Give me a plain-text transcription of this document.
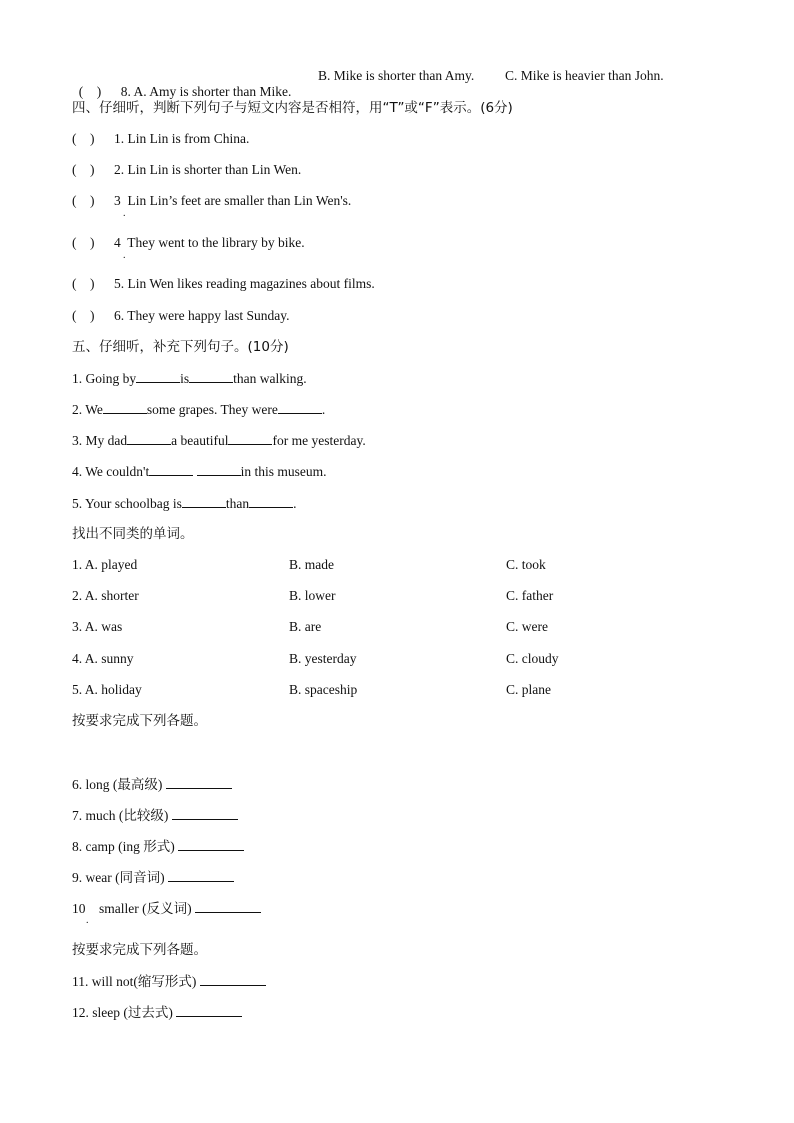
(    ) 8. A. Amy is shorter than Mike.

B. Mike is shorter than Amy. C. Mike is heavier than John.
四、仔细听，判断下列句子与短文内容是否相符，用“T”或“F”表示。(6分)
(    ) 1. Lin Lin is from China.
(    ) 2. Lin Lin is shorter than Lin Wen.
(    ) 3  Lin Lin’s feet are smaller than Lin Wen's.
.
(    ) 4  They went to the library by bike.
.
(    ) 5. Lin Wen likes reading magazines about films.
(    ) 6. They were happy last Sunday.
五、仔细听，补充下列句子。(10分)
1. Going by	is	than walking.
2. We	some grapes. They were	.
3. My dad	a beautiful	for me yesterday.
4. We couldn't	in this museum.
5. Your schoolbag is	than	.
找出不同类的单词。
1. A. played	B. made	C. took
2. A. shorter	B. lower	C. father
3. A. was	B. are	C. were
4. A. sunny	B. yesterday	C. cloudy
5. A. holiday	B. spaceship	C. plane
按要求完成下列各题。
6. long (最高级)
7. much (比较级)
8. camp (ing 形式)
9. wear (同音词)
10    smaller (反义词)
.
按要求完成下列各题。
11. will not(缩写形式)
12. sleep (过去式)
